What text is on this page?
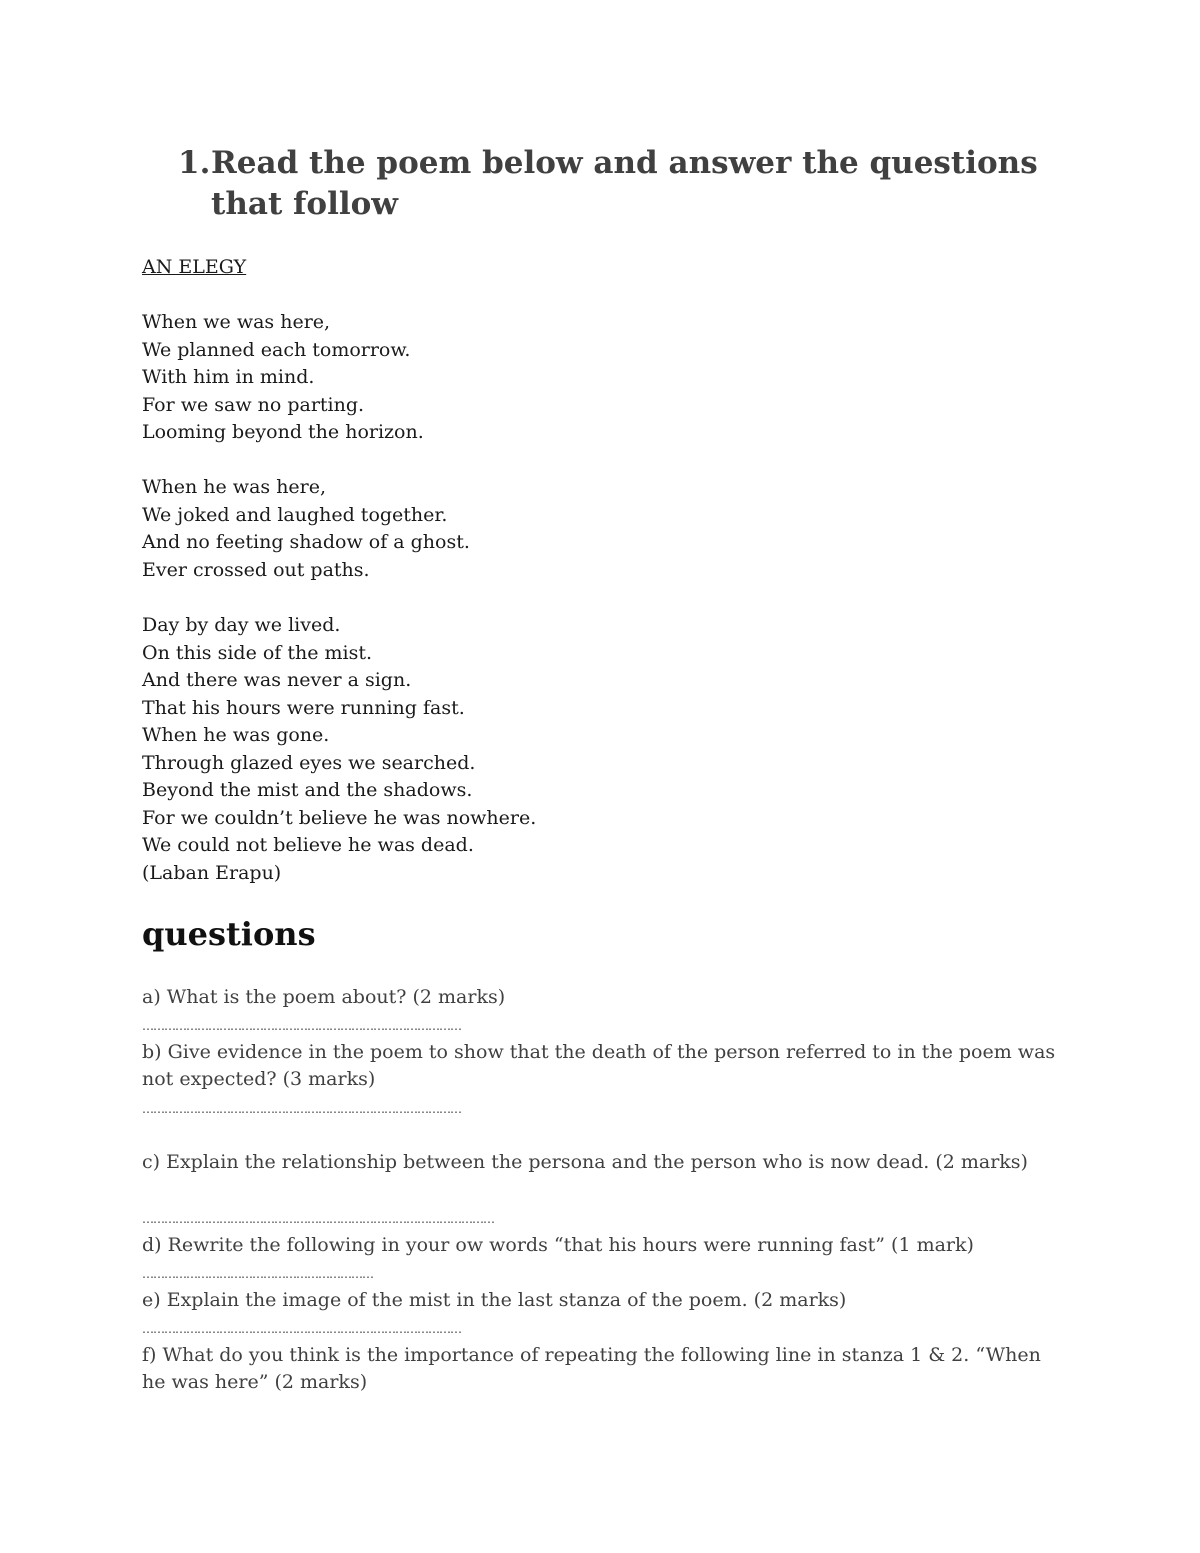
1. Read the poem below and answer the questions that follow
AN ELEGY
When we was here,
We planned each tomorrow.
With him in mind.
For we saw no parting.
Looming beyond the horizon.
When he was here,
We joked and laughed together.
And no feeting shadow of a ghost.
Ever crossed out paths.
Day by day we lived.
On this side of the mist.
And there was never a sign.
That his hours were running fast.
When he was gone.
Through glazed eyes we searched.
Beyond the mist and the shadows.
For we couldn’t believe he was nowhere.
We could not believe he was dead.
(Laban Erapu)
questions
a) What is the poem about? (2 marks)
……………………………………………………………………………
b) Give evidence in the poem to show that the death of the person referred to in the poem was not expected? (3 marks)
……………………………………………………………………………
c) Explain the relationship between the persona and the person who is now dead. (2 marks)
……………………………………………………………………………………
d) Rewrite the following in your ow words “that his hours were running fast” (1 mark)
………………………………………………………
e) Explain the image of the mist in the last stanza of the poem. (2 marks)
……………………………………………………………………………
f) What do you think is the importance of repeating the following line in stanza 1 & 2. “When he was here” (2 marks)
